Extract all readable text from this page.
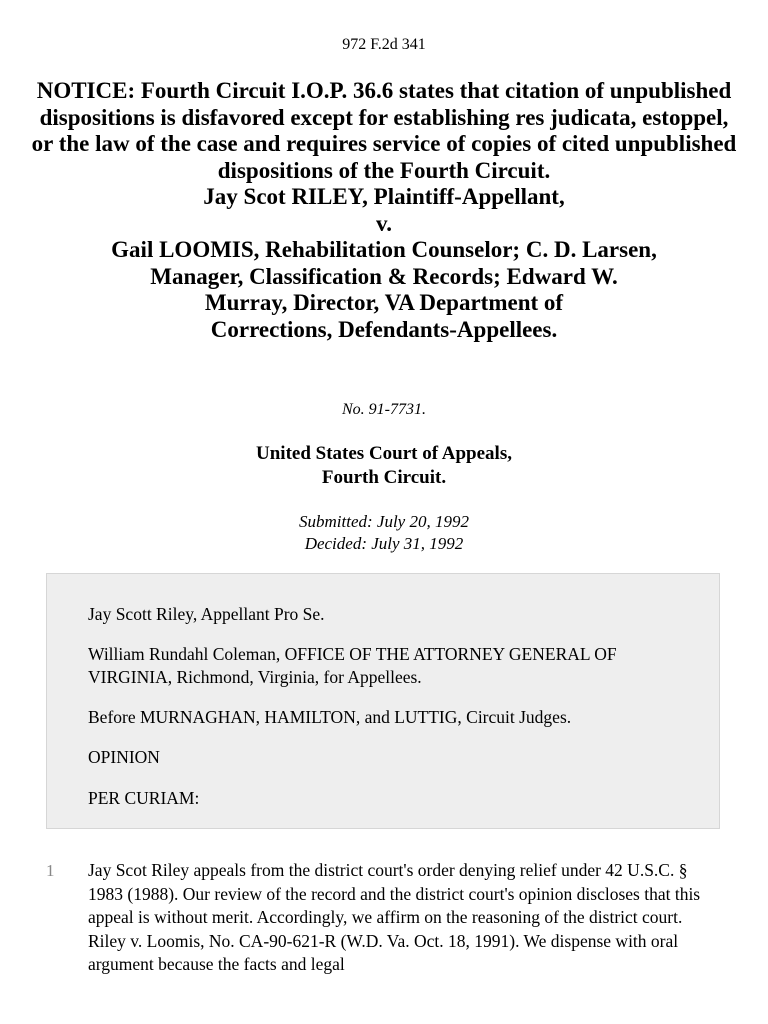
972 F.2d 341
NOTICE: Fourth Circuit I.O.P. 36.6 states that citation of unpublished dispositions is disfavored except for establishing res judicata, estoppel, or the law of the case and requires service of copies of cited unpublished dispositions of the Fourth Circuit.
Jay Scot RILEY, Plaintiff-Appellant,
v.
Gail LOOMIS, Rehabilitation Counselor; C. D. Larsen,
Manager, Classification & Records; Edward W.
Murray, Director, VA Department of
Corrections, Defendants-Appellees.
No. 91-7731.
United States Court of Appeals,
Fourth Circuit.
Submitted: July 20, 1992
Decided: July 31, 1992

Jay Scott Riley, Appellant Pro Se.

William Rundahl Coleman, OFFICE OF THE ATTORNEY GENERAL OF VIRGINIA, Richmond, Virginia, for Appellees.

Before MURNAGHAN, HAMILTON, and LUTTIG, Circuit Judges.

OPINION

PER CURIAM:

1 Jay Scot Riley appeals from the district court's order denying relief under 42 U.S.C. § 1983 (1988). Our review of the record and the district court's opinion discloses that this appeal is without merit. Accordingly, we affirm on the reasoning of the district court. Riley v. Loomis, No. CA-90-621-R (W.D. Va. Oct. 18, 1991). We dispense with oral argument because the facts and legal
